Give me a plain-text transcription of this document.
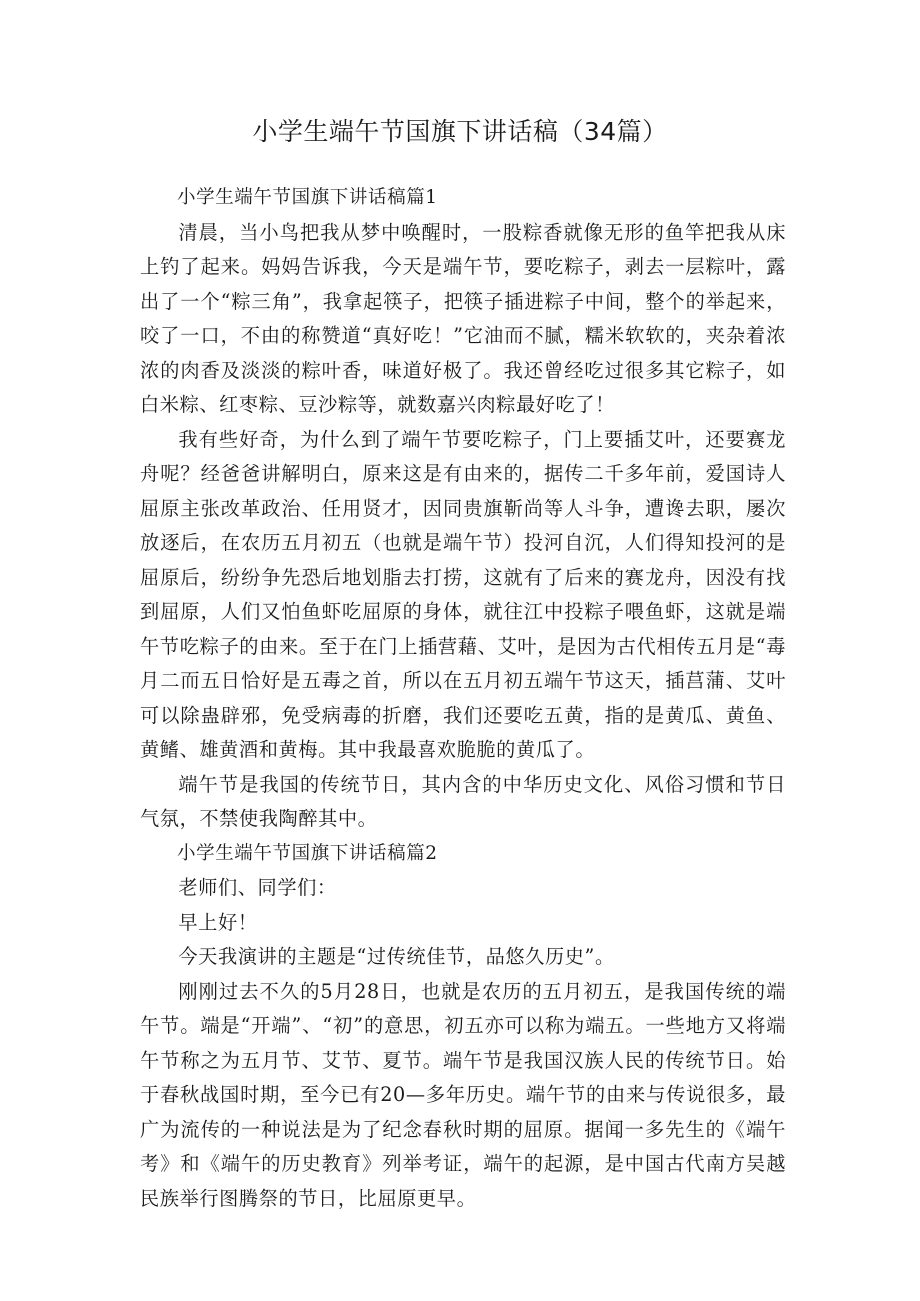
小学生端午节国旗下讲话稿（34篇）

小学生端午节国旗下讲话稿篇1

清晨，当小鸟把我从梦中唤醒时，一股粽香就像无形的鱼竿把我从床上钓了起来。妈妈告诉我，今天是端午节，要吃粽子，剥去一层粽叶，露出了一个“粽三角”，我拿起筷子，把筷子插进粽子中间，整个的举起来，咬了一口，不由的称赞道“真好吃！”它油而不腻，糯米软软的，夹杂着浓浓的肉香及淡淡的粽叶香，味道好极了。我还曾经吃过很多其它粽子，如白米粽、红枣粽、豆沙粽等，就数嘉兴肉粽最好吃了！

我有些好奇，为什么到了端午节要吃粽子，门上要插艾叶，还要赛龙舟呢？经爸爸讲解明白，原来这是有由来的，据传二千多年前，爱国诗人屈原主张改革政治、任用贤才，因同贵旗靳尚等人斗争，遭谗去职，屡次放逐后，在农历五月初五（也就是端午节）投河自沉，人们得知投河的是屈原后，纷纷争先恐后地划脂去打捞，这就有了后来的赛龙舟，因没有找到屈原，人们又怕鱼虾吃屈原的身体，就往江中投粽子喂鱼虾，这就是端午节吃粽子的由来。至于在门上插营藉、艾叶，是因为古代相传五月是“毒月二而五日恰好是五毒之首，所以在五月初五端午节这天，插莒蒲、艾叶可以除蛊辟邪，免受病毒的折磨，我们还要吃五黄，指的是黄瓜、黄鱼、黄鳍、雄黄酒和黄梅。其中我最喜欢脆脆的黄瓜了。

端午节是我国的传统节日，其内含的中华历史文化、风俗习惯和节日气氛，不禁使我陶醉其中。

小学生端午节国旗下讲话稿篇2

老师们、同学们：

早上好！

今天我演讲的主题是“过传统佳节，品悠久历史”。

刚刚过去不久的5月28日，也就是农历的五月初五，是我国传统的端午节。端是“开端”、“初”的意思，初五亦可以称为端五。一些地方又将端午节称之为五月节、艾节、夏节。端午节是我国汉族人民的传统节日。始于春秋战国时期，至今已有20—多年历史。端午节的由来与传说很多，最广为流传的一种说法是为了纪念春秋时期的屈原。据闻一多先生的《端午考》和《端午的历史教育》列举考证，端午的起源，是中国古代南方吴越民族举行图腾祭的节日，比屈原更早。
